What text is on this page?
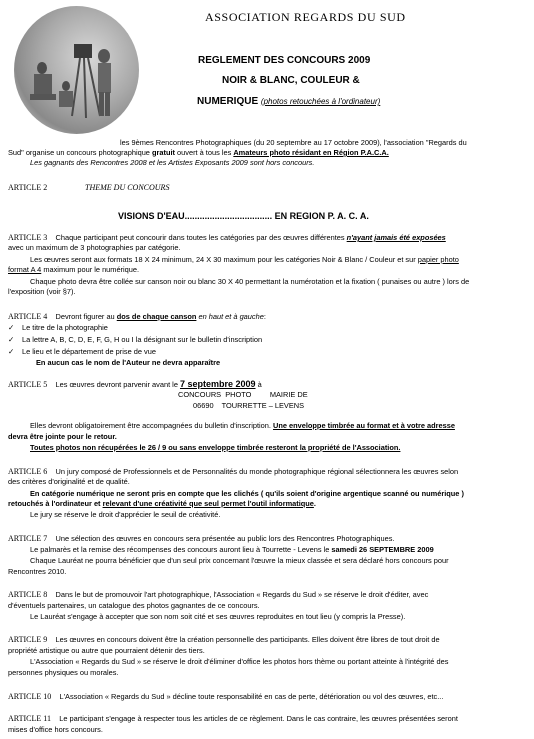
ASSOCIATION REGARDS DU SUD
REGLEMENT DES CONCOURS 2009
NOIR & BLANC, COULEUR &
NUMERIQUE (photos retouchées à l'ordinateur)
les 9èmes Rencontres Photographiques (du 20 septembre au 17 octobre 2009), l'association "Regards du
Sud" organise un concours photographique gratuit ouvert à tous les Amateurs photo résidant en Région P.A.C.A.
Les gagnants des Rencontres 2008 et les Artistes Exposants 2009 sont hors concours.
ARTICLE 2	THEME DU CONCOURS
VISIONS D'EAU................................... EN REGION P. A. C. A.
ARTICLE 3 Chaque participant peut concourir dans toutes les catégories par des œuvres différentes n'ayant jamais été exposées
avec un maximum de 3 photographies par catégorie.
Les œuvres seront aux formats 18 X 24 minimum, 24 X 30 maximum pour les catégories Noir & Blanc / Couleur et sur papier photo
format A 4 maximum pour le numérique.
Chaque photo devra être collée sur canson noir ou blanc 30 X 40 permettant la numérotation et la fixation ( punaises ou autre ) lors de
l'exposition (voir §7).
ARTICLE 4 Devront figurer au dos de chaque canson en haut et à gauche:
✓ Le titre de la photographie
✓ La lettre A, B, C, D, E, F, G, H ou I la désignant sur le bulletin d'inscription
✓ Le lieu et le département de prise de vue
En aucun cas le nom de l'Auteur ne devra apparaître
ARTICLE 5 Les œuvres devront parvenir avant le 7 septembre 2009 à
CONCOURS  PHOTO         MAIRIE DE
06690    TOURRETTE – LEVENS
Elles devront obligatoirement être accompagnées du bulletin d'inscription. Une enveloppe timbrée au format et à votre adresse
devra être jointe pour le retour.
Toutes photos non récupérées le 26 / 9 ou sans enveloppe timbrée resteront la propriété de l'Association.
ARTICLE 6 Un jury composé de Professionnels et de Personnalités du monde photographique régional sélectionnera les œuvres selon
des critères d'originalité et de qualité.
En catégorie numérique ne seront pris en compte que les clichés ( qu'ils soient d'origine argentique scanné ou numérique )
retouchés à l'ordinateur et relevant d'une créativité que seul permet l'outil informatique.
Le jury se réserve le droit d'apprécier le seuil de créativité.
ARTICLE 7 Une sélection des œuvres en concours sera présentée au public lors des Rencontres Photographiques.
Le palmarès et la remise des récompenses des concours auront lieu à Tourrette - Levens le samedi 26 SEPTEMBRE 2009
Chaque Lauréat ne pourra bénéficier que d'un seul prix concernant l'œuvre la mieux classée et sera déclaré hors concours pour
Rencontres 2010.
ARTICLE 8 Dans le but de promouvoir l'art photographique, l'Association « Regards du Sud » se réserve le droit d'éditer, avec
d'éventuels partenaires, un catalogue des photos gagnantes de ce concours.
Le Lauréat s'engage à accepter que son nom soit cité et ses œuvres reproduites en tout lieu (y compris la Presse).
ARTICLE 9 Les œuvres en concours doivent être la création personnelle des participants. Elles doivent être libres de tout droit de
propriété artistique ou autre que pourraient détenir des tiers.
L'Association « Regards du Sud » se réserve le droit d'éliminer d'office les photos hors thème ou portant atteinte à l'intégrité des
personnes physiques ou morales.
ARTICLE 10 L'Association « Regards du Sud » décline toute responsabilité en cas de perte, détérioration ou vol des œuvres, etc...
ARTICLE 11 Le participant s'engage à respecter tous les articles de ce règlement. Dans le cas contraire, les œuvres présentées seront
mises d'office hors concours.
